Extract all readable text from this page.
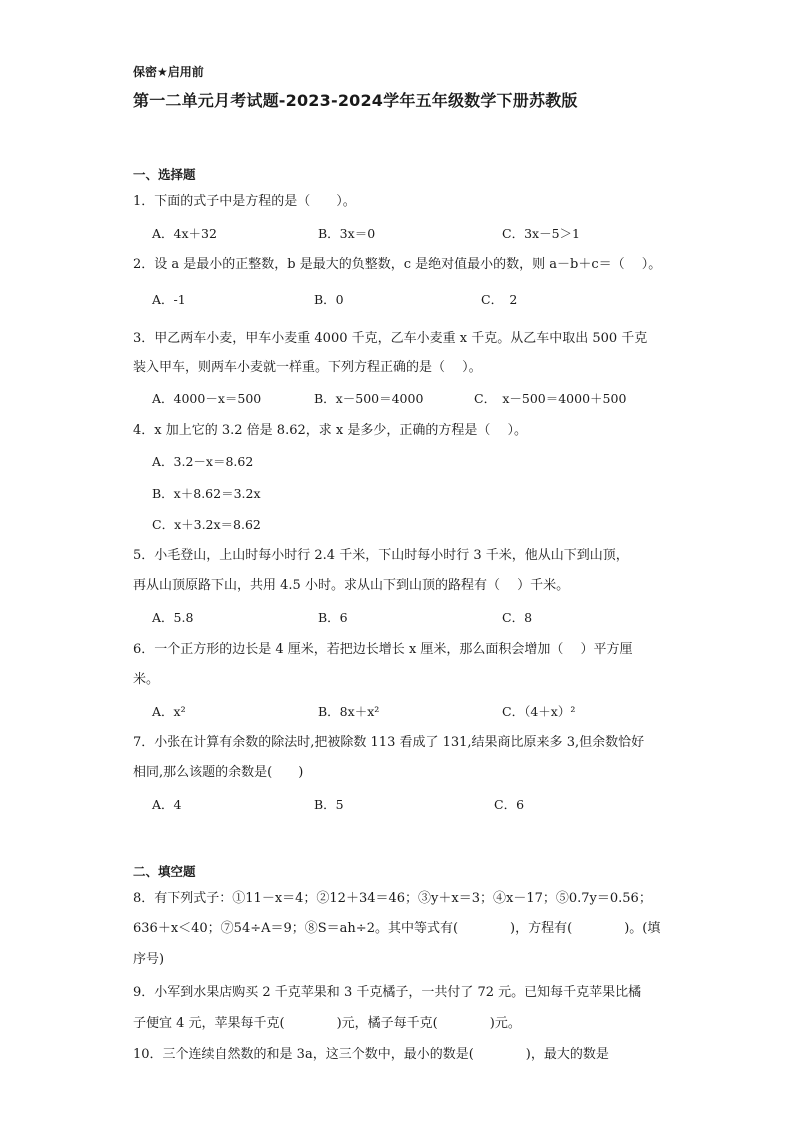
保密★启用前
第一二单元月考试题-2023-2024学年五年级数学下册苏教版
一、选择题
1．下面的式子中是方程的是（　　）。
A．4x＋32	B．3x＝0	C．3x－5＞1
2．设 a 是最小的正整数，b 是最大的负整数，c 是绝对值最小的数，则 a－b＋c＝（　 ）。
A．-1	B．0	C．　2
3．甲乙两车小麦，甲车小麦重 4000 千克，乙车小麦重 x 千克。从乙车中取出 500 千克
装入甲车，则两车小麦就一样重。下列方程正确的是（　 ）。
A．4000－x＝500	B．x－500＝4000	C．　x－500＝4000＋500
4．x 加上它的 3.2 倍是 8.62，求 x 是多少，正确的方程是（　 ）。
A．3.2－x＝8.62
B．x＋8.62＝3.2x
C．x＋3.2x＝8.62
5．小毛登山，上山时每小时行 2.4 千米，下山时每小时行 3 千米，他从山下到山顶，
再从山顶原路下山，共用 4.5 小时。求从山下到山顶的路程有（　 ）千米。
A．5.8	B．6	C．8
6．一个正方形的边长是 4 厘米，若把边长增长 x 厘米，那么面积会增加（　 ）平方厘
米。
A．x²	B．8x＋x²	C．（4＋x）²
7．小张在计算有余数的除法时,把被除数 113 看成了 131,结果商比原来多 3,但余数恰好
相同,那么该题的余数是(　　)
A．4	B．5	C．6
二、填空题
8．有下列式子：①11－x＝4；②12＋34＝46；③y＋x＝3；④x－17；⑤0.7y＝0.56；
636＋x＜40；⑦54÷A＝9；⑧S＝ah÷2。其中等式有(　　　　)，方程有(　　　　)。(填
序号)
9．小军到水果店购买 2 千克苹果和 3 千克橘子，一共付了 72 元。已知每千克苹果比橘
子便宜 4 元，苹果每千克(　　　　)元，橘子每千克(　　　　)元。
10．三个连续自然数的和是 3a，这三个数中，最小的数是(　　　　)，最大的数是
